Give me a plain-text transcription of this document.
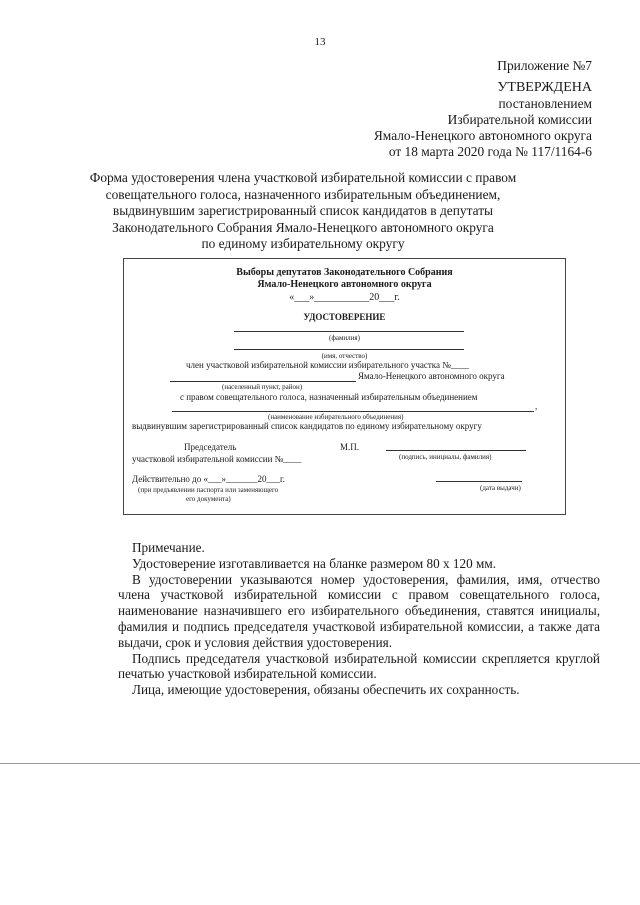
13
Приложение №7
УТВЕРЖДЕНА
постановлением
Избирательной комиссии
Ямало-Ненецкого автономного округа
от 18 марта 2020 года № 117/1164-6
Форма удостоверения члена участковой избирательной комиссии с правом
совещательного голоса, назначенного избирательным объединением,
выдвинувшим зарегистрированный список кандидатов в депутаты
Законодательного Собрания Ямало-Ненецкого автономного округа
по единому избирательному округу
Выборы депутатов Законодательного Собрания
Ямало-Ненецкого автономного округа
«___»___________20___г.
УДОСТОВЕРЕНИЕ
(фамилия)
(имя, отчество)
член участковой избирательной комиссии избирательного участка №____
Ямало-Ненецкого автономного округа
(населенный пункт, район)
с правом совещательного голоса, назначенный избирательным объединением
,
(наименование избирательного объединения)
выдвинувшим зарегистрированный список кандидатов по единому избирательному округу
Председатель	М.П.
участковой избирательной комиссии №____	(подпись, инициалы, фамилия)
Действительно до «___»_______20___г.
(при предъявлении паспорта или заменяющего	(дата выдачи)
его документа)

Примечание.

Удостоверение изготавливается на бланке размером 80 х 120 мм.

В удостоверении указываются номер удостоверения, фамилия, имя, отчество члена участковой избирательной комиссии с правом совещательного голоса, наименование назначившего его избирательного объединения, ставятся инициалы, фамилия и подпись председателя участковой избирательной комиссии, а также дата выдачи, срок и условия действия удостоверения.

Подпись председателя участковой избирательной комиссии скрепляется круглой печатью участковой избирательной комиссии.

Лица, имеющие удостоверения, обязаны обеспечить их сохранность.
